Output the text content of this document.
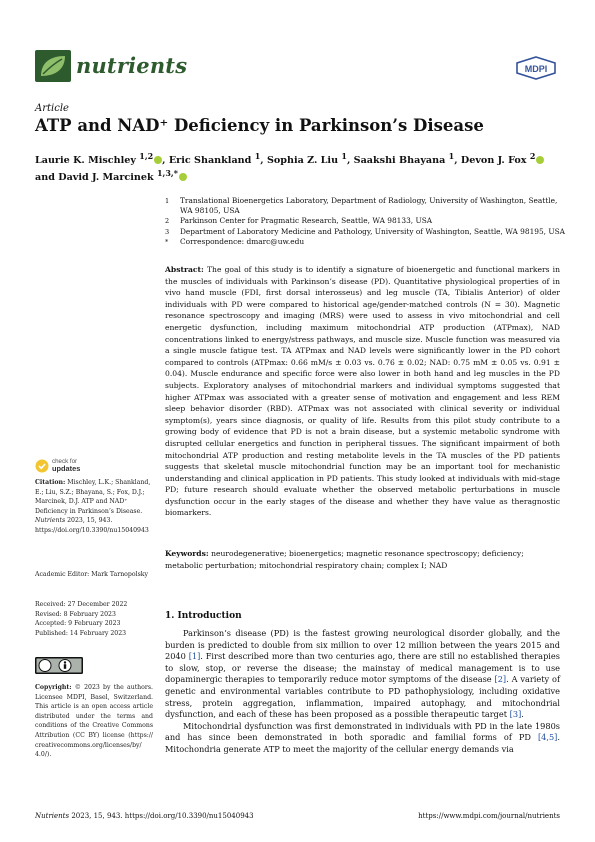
nutrients	MDPI
Article
ATP and NAD⁺ Deficiency in Parkinson’s Disease
Laurie K. Mischley $^{1,2}$ , Eric Shankland $^1$, Sophia Z. Liu $^1$, Saakshi Bhayana $^1$, Devon J. Fox $^2$
and David J. Marcinek $^{1,3,*}$
1	Translational Bioenergetics Laboratory, Department of Radiology, University of Washington, Seattle, WA 98105, USA
2	Parkinson Center for Pragmatic Research, Seattle, WA 98133, USA
3	Department of Laboratory Medicine and Pathology, University of Washington, Seattle, WA 98195, USA
*	Correspondence: dmarc@uw.edu
Abstract: The goal of this study is to identify a signature of bioenergetic and functional markers in the muscles of individuals with Parkinson’s disease (PD). Quantitative physiological properties of in vivo hand muscle (FDI, first dorsal interosseus) and leg muscle (TA, Tibialis Anterior) of older individuals with PD were compared to historical age/gender-matched controls (N = 30). Magnetic resonance spectroscopy and imaging (MRS) were used to assess in vivo mitochondrial and cell energetic dysfunction, including maximum mitochondrial ATP production (ATPmax), NAD concentrations linked to energy/stress pathways, and muscle size. Muscle function was measured via a single muscle fatigue test. TA ATPmax and NAD levels were significantly lower in the PD cohort compared to controls (ATPmax: 0.66 mM/s ± 0.03 vs. 0.76 ± 0.02; NAD: 0.75 mM ± 0.05 vs. 0.91 ± 0.04). Muscle endurance and specific force were also lower in both hand and leg muscles in the PD subjects. Exploratory analyses of mitochondrial markers and individual symptoms suggested that higher ATPmax was associated with a greater sense of motivation and engagement and less REM sleep behavior disorder (RBD). ATPmax was not associated with clinical severity or individual symptom(s), years since diagnosis, or quality of life. Results from this pilot study contribute to a growing body of evidence that PD is not a brain disease, but a systemic metabolic syndrome with disrupted cellular energetics and function in peripheral tissues. The significant impairment of both mitochondrial ATP production and resting metabolite levels in the TA muscles of the PD patients suggests that skeletal muscle mitochondrial function may be an important tool for mechanistic understanding and clinical application in PD patients. This study looked at individuals with mid-stage PD; future research should evaluate whether the observed metabolic perturbations in muscle dysfunction occur in the early stages of the disease and whether they have value as theragnostic biomarkers.
Keywords: neurodegenerative; bioenergetics; magnetic resonance spectroscopy; deficiency; metabolic perturbation; mitochondrial respiratory chain; complex I; NAD
check for
updates
Citation: Mischley, L.K.; Shankland, E.; Liu, S.Z.; Bhayana, S.; Fox, D.J.; Marcinek, D.J. ATP and NAD⁺ Deficiency in Parkinson’s Disease. Nutrients 2023, 15, 943. https://doi.org/10.3390/nu15040943
Academic Editor: Mark Tarnopolsky
Received: 27 December 2022
Revised: 8 February 2023
Accepted: 9 February 2023
Published: 14 February 2023
Copyright: © 2023 by the authors. Licensee MDPI, Basel, Switzerland. This article is an open access article distributed under the terms and conditions of the Creative Commons Attribution (CC BY) license (https:// creativecommons.org/licenses/by/ 4.0/).
1. Introduction

Parkinson’s disease (PD) is the fastest growing neurological disorder globally, and the burden is predicted to double from six million to over 12 million between the years 2015 and 2040 [1]. First described more than two centuries ago, there are still no established therapies to slow, stop, or reverse the disease; the mainstay of medical management is to use dopaminergic therapies to temporarily reduce motor symptoms of the disease [2]. A variety of genetic and environmental variables contribute to PD pathophysiology, including oxidative stress, protein aggregation, inflammation, impaired autophagy, and mitochondrial dysfunction, and each of these has been proposed as a possible therapeutic target [3].

Mitochondrial dysfunction was first demonstrated in individuals with PD in the late 1980s and has since been demonstrated in both sporadic and familial forms of PD [4,5]. Mitochondria generate ATP to meet the majority of the cellular energy demands via

Nutrients 2023, 15, 943. https://doi.org/10.3390/nu15040943	https://www.mdpi.com/journal/nutrients
